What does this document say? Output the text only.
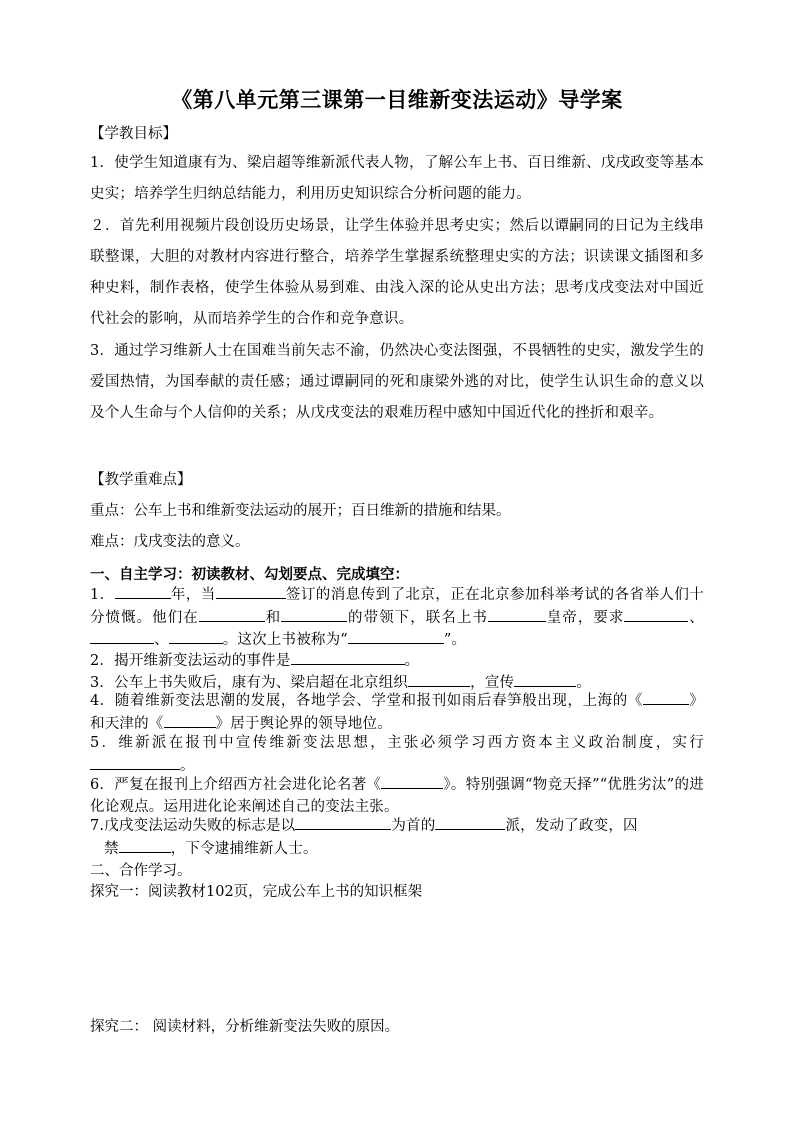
《第八单元第三课第一目维新变法运动》导学案
【学教目标】
1．使学生知道康有为、梁启超等维新派代表人物，了解公车上书、百日维新、戊戌政变等基本史实；培养学生归纳总结能力，利用历史知识综合分析问题的能力。
２．首先利用视频片段创设历史场景，让学生体验并思考史实；然后以谭嗣同的日记为主线串联整课，大胆的对教材内容进行整合，培养学生掌握系统整理史实的方法；识读课文插图和多种史料，制作表格，使学生体验从易到难、由浅入深的论从史出方法；思考戊戌变法对中国近代社会的影响，从而培养学生的合作和竞争意识。
3．通过学习维新人士在国难当前矢志不渝，仍然决心变法图强，不畏牺牲的史实，激发学生的爱国热情，为国奉献的责任感；通过谭嗣同的死和康梁外逃的对比，使学生认识生命的意义以及个人生命与个人信仰的关系；从戊戌变法的艰难历程中感知中国近代化的挫折和艰辛。
【教学重难点】
重点：公车上书和维新变法运动的展开；百日维新的措施和结果。
难点：戊戌变法的意义。
一、自主学习：初读教材、勾划要点、完成填空：
1．	年，当	签订的消息传到了北京，正在北京参加科举考试的各省举人们十分愤慨。他们在	和	的带领下，联名上书	皇帝，要求	、、	。这次上书被称为“	”。
2．揭开维新变法运动的事件是	。
3．公车上书失败后，康有为、梁启超在北京组织	，宣传	。
4．随着维新变法思潮的发展，各地学会、学堂和报刊如雨后春笋般出现，上海的《	》和天津的《	》居于舆论界的领导地位。
5．维新派在报刊中宣传维新变法思想，主张必须学习西方资本主义政治制度，实行。
6．严复在报刊上介绍西方社会进化论名著《	》。特别强调“物竞天择”“优胜劣汰”的进化论观点。运用进化论来阐述自己的变法主张。
7.戊戌变法运动失败的标志是以	为首的	派，发动了政变，囚
禁	，下令逮捕维新人士。
二、合作学习。
探究一：阅读教材102页，完成公车上书的知识框架
探究二： 阅读材料，分析维新变法失败的原因。
